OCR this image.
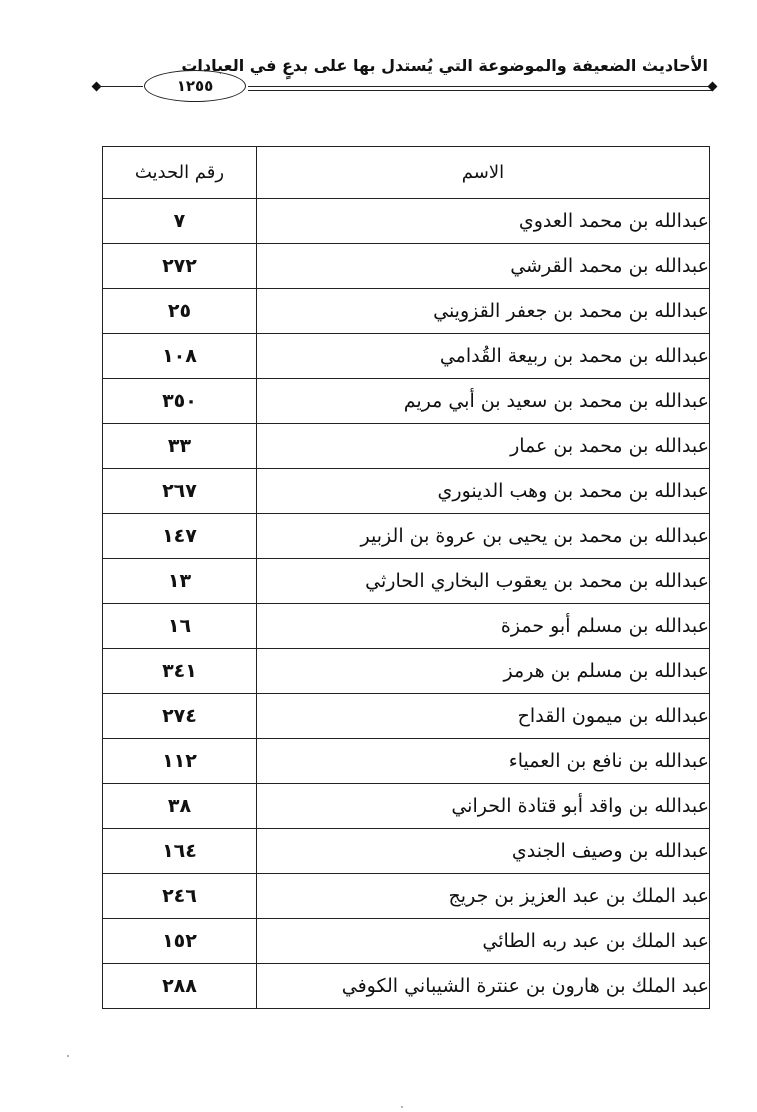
الأحاديث الضعيفة والموضوعة التي يُستدل بها على بدعٍ في العبادات
١٢٥٥
الاسم	رقم الحديث
عبدالله بن محمد العدوي	٧
عبدالله بن محمد القرشي	٢٧٢
عبدالله بن محمد بن جعفر القزويني	٢٥
عبدالله بن محمد بن ربيعة القُدامي	١٠٨
عبدالله بن محمد بن سعيد بن أبي مريم	٣٥٠
عبدالله بن محمد بن عمار	٣٣
عبدالله بن محمد بن وهب الدينوري	٢٦٧
عبدالله بن محمد بن يحيى بن عروة بن الزبير	١٤٧
عبدالله بن محمد بن يعقوب البخاري الحارثي	١٣
عبدالله بن مسلم أبو حمزة	١٦
عبدالله بن مسلم بن هرمز	٣٤١
عبدالله بن ميمون القداح	٢٧٤
عبدالله بن نافع بن العمياء	١١٢
عبدالله بن واقد أبو قتادة الحراني	٣٨
عبدالله بن وصيف الجندي	١٦٤
عبد الملك بن عبد العزيز بن جريج	٢٤٦
عبد الملك بن عبد ربه الطائي	١٥٢
عبد الملك بن هارون بن عنترة الشيباني الكوفي	٢٨٨
